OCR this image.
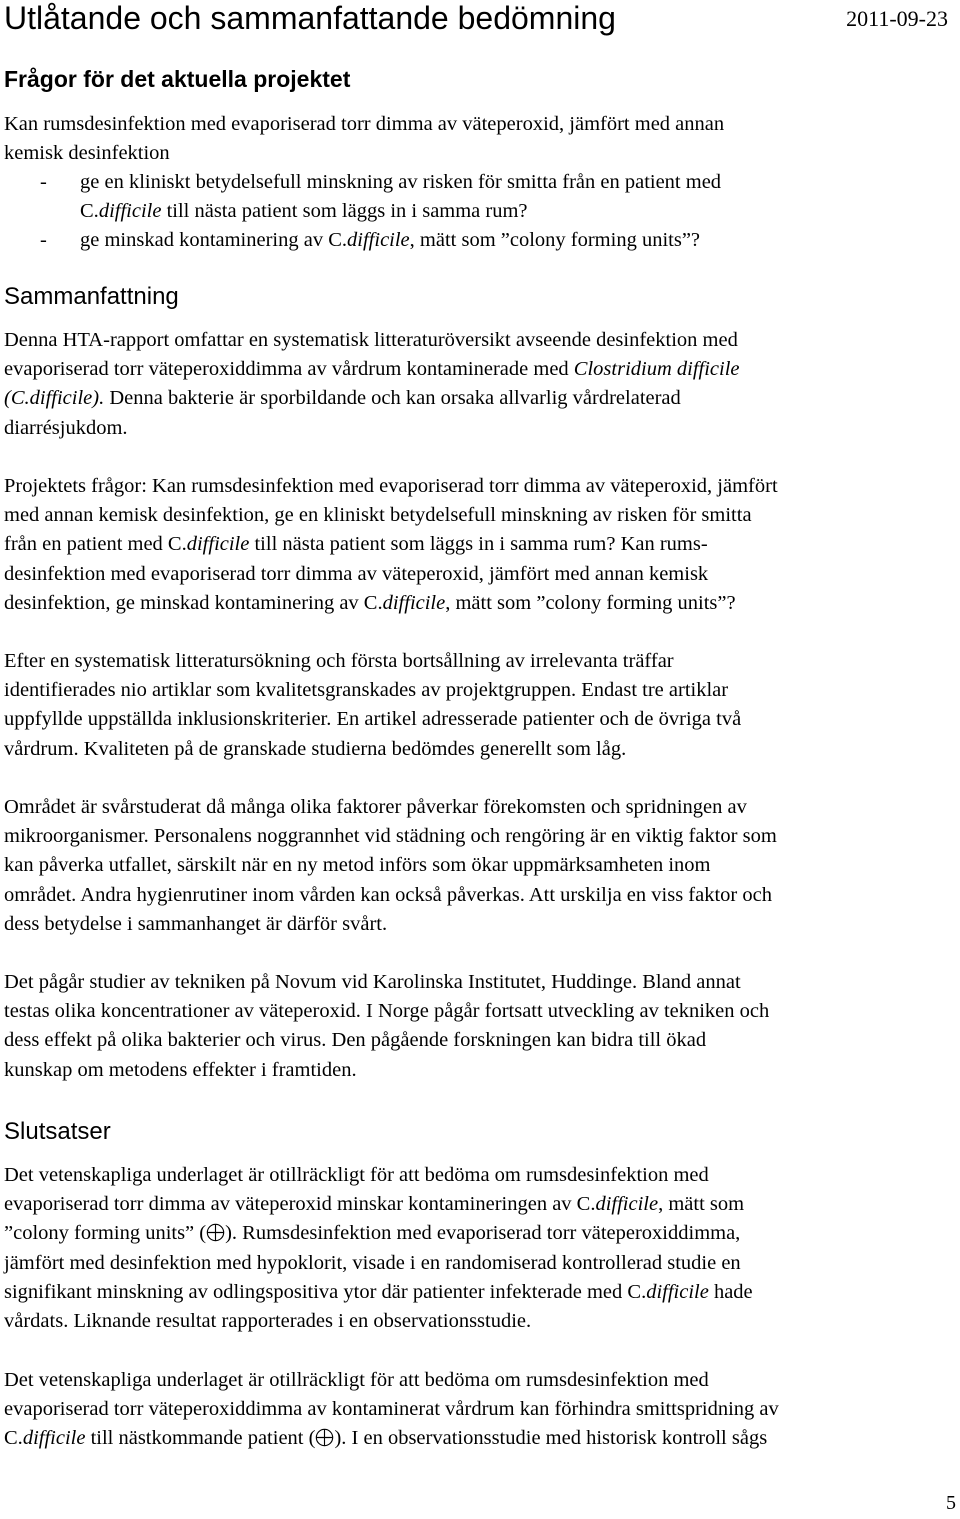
Utlåtande och sammanfattande bedömning	2011-09-23
Frågor för det aktuella projektet
Kan rumsdesinfektion med evaporiserad torr dimma av väteperoxid, jämfört med annan
kemisk desinfektion
- ge en kliniskt betydelsefull minskning av risken för smitta från en patient med
C.difficile till nästa patient som läggs in i samma rum?
- ge minskad kontaminering av C.difficile, mätt som ”colony forming units”?
Sammanfattning
Denna HTA-rapport omfattar en systematisk litteraturöversikt avseende desinfektion med
evaporiserad torr väteperoxiddimma av vårdrum kontaminerade med Clostridium difficile
(C.difficile). Denna bakterie är sporbildande och kan orsaka allvarlig vårdrelaterad
diarrésjukdom.
Projektets frågor: Kan rumsdesinfektion med evaporiserad torr dimma av väteperoxid, jämfört
med annan kemisk desinfektion, ge en kliniskt betydelsefull minskning av risken för smitta
från en patient med C.difficile till nästa patient som läggs in i samma rum? Kan rums-
desinfektion med evaporiserad torr dimma av väteperoxid, jämfört med annan kemisk
desinfektion, ge minskad kontaminering av C.difficile, mätt som ”colony forming units”?
Efter en systematisk litteratursökning och första bortsållning av irrelevanta träffar
identifierades nio artiklar som kvalitetsgranskades av projektgruppen. Endast tre artiklar
uppfyllde uppställda inklusionskriterier. En artikel adresserade patienter och de övriga två
vårdrum. Kvaliteten på de granskade studierna bedömdes generellt som låg.
Området är svårstuderat då många olika faktorer påverkar förekomsten och spridningen av
mikroorganismer. Personalens noggrannhet vid städning och rengöring är en viktig faktor som
kan påverka utfallet, särskilt när en ny metod införs som ökar uppmärksamheten inom
området. Andra hygienrutiner inom vården kan också påverkas. Att urskilja en viss faktor och
dess betydelse i sammanhanget är därför svårt.
Det pågår studier av tekniken på Novum vid Karolinska Institutet, Huddinge. Bland annat
testas olika koncentrationer av väteperoxid. I Norge pågår fortsatt utveckling av tekniken och
dess effekt på olika bakterier och virus. Den pågående forskningen kan bidra till ökad
kunskap om metodens effekter i framtiden.
Slutsatser
Det vetenskapliga underlaget är otillräckligt för att bedöma om rumsdesinfektion med
evaporiserad torr dimma av väteperoxid minskar kontamineringen av C.difficile, mätt som
”colony forming units” ( ). Rumsdesinfektion med evaporiserad torr väteperoxiddimma,
jämfört med desinfektion med hypoklorit, visade i en randomiserad kontrollerad studie en
signifikant minskning av odlingspositiva ytor där patienter infekterade med C.difficile hade
vårdats. Liknande resultat rapporterades i en observationsstudie.
Det vetenskapliga underlaget är otillräckligt för att bedöma om rumsdesinfektion med
evaporiserad torr väteperoxiddimma av kontaminerat vårdrum kan förhindra smittspridning av
C.difficile till nästkommande patient ( ). I en observationsstudie med historisk kontroll sågs
5
